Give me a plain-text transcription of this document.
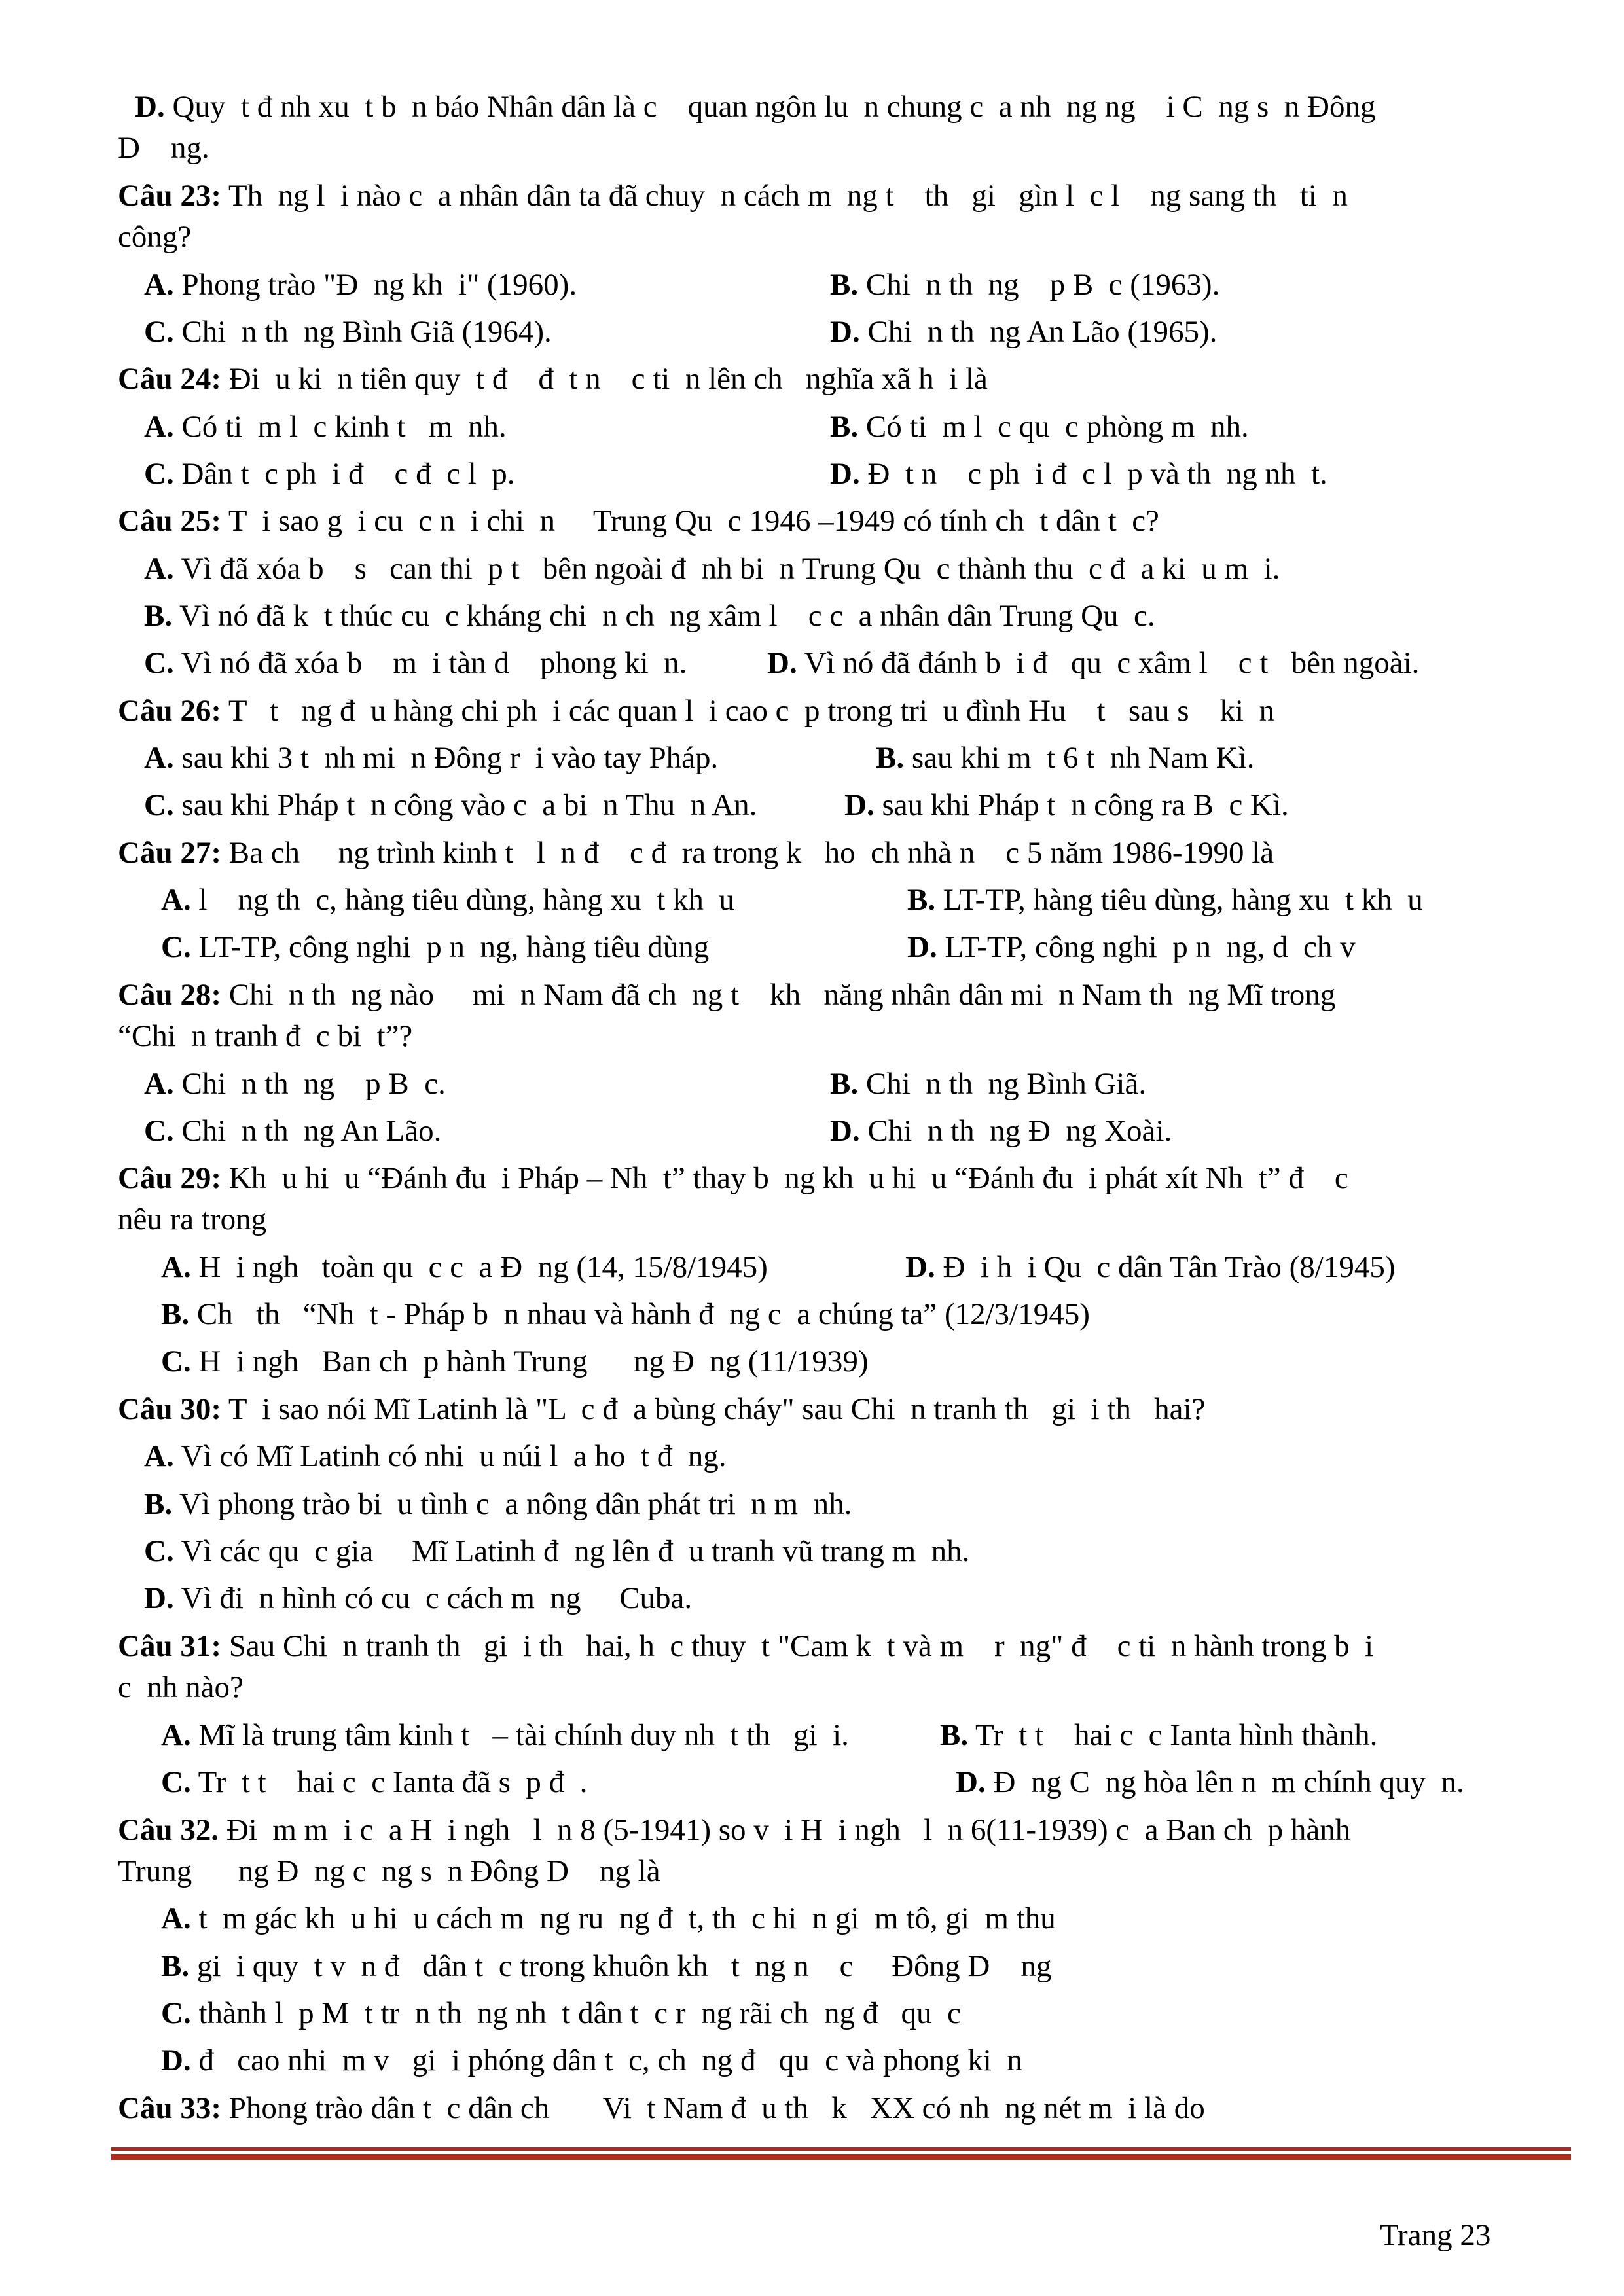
D. Quy  t đ nh xu  t b  n báo Nhân dân là c    quan ngôn lu  n chung c  a nh  ng ng    i C  ng s  n Đông
D    ng.
Câu 23: Th  ng l  i nào c  a nhân dân ta đã chuy  n cách m  ng t    th   gi   gìn l  c l    ng sang th   ti  n
công?
A. Phong trào "Đ  ng kh  i" (1960).	B. Chi  n th  ng    p B  c (1963).
C. Chi  n th  ng Bình Giã (1964).	D. Chi  n th  ng An Lão (1965).
Câu 24: Đi  u ki  n tiên quy  t đ    đ  t n    c ti  n lên ch   nghĩa xã h  i là
A. Có ti  m l  c kinh t   m  nh.	B. Có ti  m l  c qu  c phòng m  nh.
C. Dân t  c ph  i đ    c đ  c l  p.	D. Đ  t n    c ph  i đ  c l  p và th  ng nh  t.
Câu 25: T  i sao g  i cu  c n  i chi  n     Trung Qu  c 1946 –1949 có tính ch  t dân t  c?
A. Vì đã xóa b    s   can thi  p t   bên ngoài đ  nh bi  n Trung Qu  c thành thu  c đ  a ki  u m  i.
B. Vì nó đã k  t thúc cu  c kháng chi  n ch  ng xâm l    c c  a nhân dân Trung Qu  c.
C. Vì nó đã xóa b    m  i tàn d    phong ki  n.	D. Vì nó đã đánh b  i đ   qu  c xâm l    c t   bên ngoài.
Câu 26: T   t   ng đ  u hàng chi ph  i các quan l  i cao c  p trong tri  u đình Hu    t   sau s    ki  n
A. sau khi 3 t  nh mi  n Đông r  i vào tay Pháp.	B. sau khi m  t 6 t  nh Nam Kì.
C. sau khi Pháp t  n công vào c  a bi  n Thu  n An.	D. sau khi Pháp t  n công ra B  c Kì.
Câu 27: Ba ch     ng trình kinh t   l  n đ    c đ  ra trong k   ho  ch nhà n    c 5 năm 1986-1990 là
A. l    ng th  c, hàng tiêu dùng, hàng xu  t kh  u	B. LT-TP, hàng tiêu dùng, hàng xu  t kh  u
C. LT-TP, công nghi  p n  ng, hàng tiêu dùng	D. LT-TP, công nghi  p n  ng, d  ch v
Câu 28: Chi  n th  ng nào     mi  n Nam đã ch  ng t    kh   năng nhân dân mi  n Nam th  ng Mĩ trong
“Chi  n tranh đ  c bi  t”?
A. Chi  n th  ng    p B  c.	B. Chi  n th  ng Bình Giã.
C. Chi  n th  ng An Lão.	D. Chi  n th  ng Đ  ng Xoài.
Câu 29: Kh  u hi  u “Đánh đu  i Pháp – Nh  t” thay b  ng kh  u hi  u “Đánh đu  i phát xít Nh  t” đ    c
nêu ra trong
A. H  i ngh   toàn qu  c c  a Đ  ng (14, 15/8/1945)	D. Đ  i h  i Qu  c dân Tân Trào (8/1945)
B. Ch   th   “Nh  t - Pháp b  n nhau và hành đ  ng c  a chúng ta” (12/3/1945)
C. H  i ngh   Ban ch  p hành Trung      ng Đ  ng (11/1939)
Câu 30: T  i sao nói Mĩ Latinh là "L  c đ  a bùng cháy" sau Chi  n tranh th   gi  i th   hai?
A. Vì có Mĩ Latinh có nhi  u núi l  a ho  t đ  ng.
B. Vì phong trào bi  u tình c  a nông dân phát tri  n m  nh.
C. Vì các qu  c gia     Mĩ Latinh đ  ng lên đ  u tranh vũ trang m  nh.
D. Vì đi  n hình có cu  c cách m  ng     Cuba.
Câu 31: Sau Chi  n tranh th   gi  i th   hai, h  c thuy  t "Cam k  t và m    r  ng" đ    c ti  n hành trong b  i
c  nh nào?
A. Mĩ là trung tâm kinh t   – tài chính duy nh  t th   gi  i.	B. Tr  t t    hai c  c Ianta hình thành.
C. Tr  t t    hai c  c Ianta đã s  p đ  .	D. Đ  ng C  ng hòa lên n  m chính quy  n.
Câu 32. Đi  m m  i c  a H  i ngh   l  n 8 (5-1941) so v  i H  i ngh   l  n 6(11-1939) c  a Ban ch  p hành
Trung      ng Đ  ng c  ng s  n Đông D    ng là
A. t  m gác kh  u hi  u cách m  ng ru  ng đ  t, th  c hi  n gi  m tô, gi  m thu
B. gi  i quy  t v  n đ   dân t  c trong khuôn kh   t  ng n    c     Đông D    ng
C. thành l  p M  t tr  n th  ng nh  t dân t  c r  ng rãi ch  ng đ   qu  c
D. đ   cao nhi  m v   gi  i phóng dân t  c, ch  ng đ   qu  c và phong ki  n
Câu 33: Phong trào dân t  c dân ch       Vi  t Nam đ  u th   k   XX có nh  ng nét m  i là do
Trang 23
